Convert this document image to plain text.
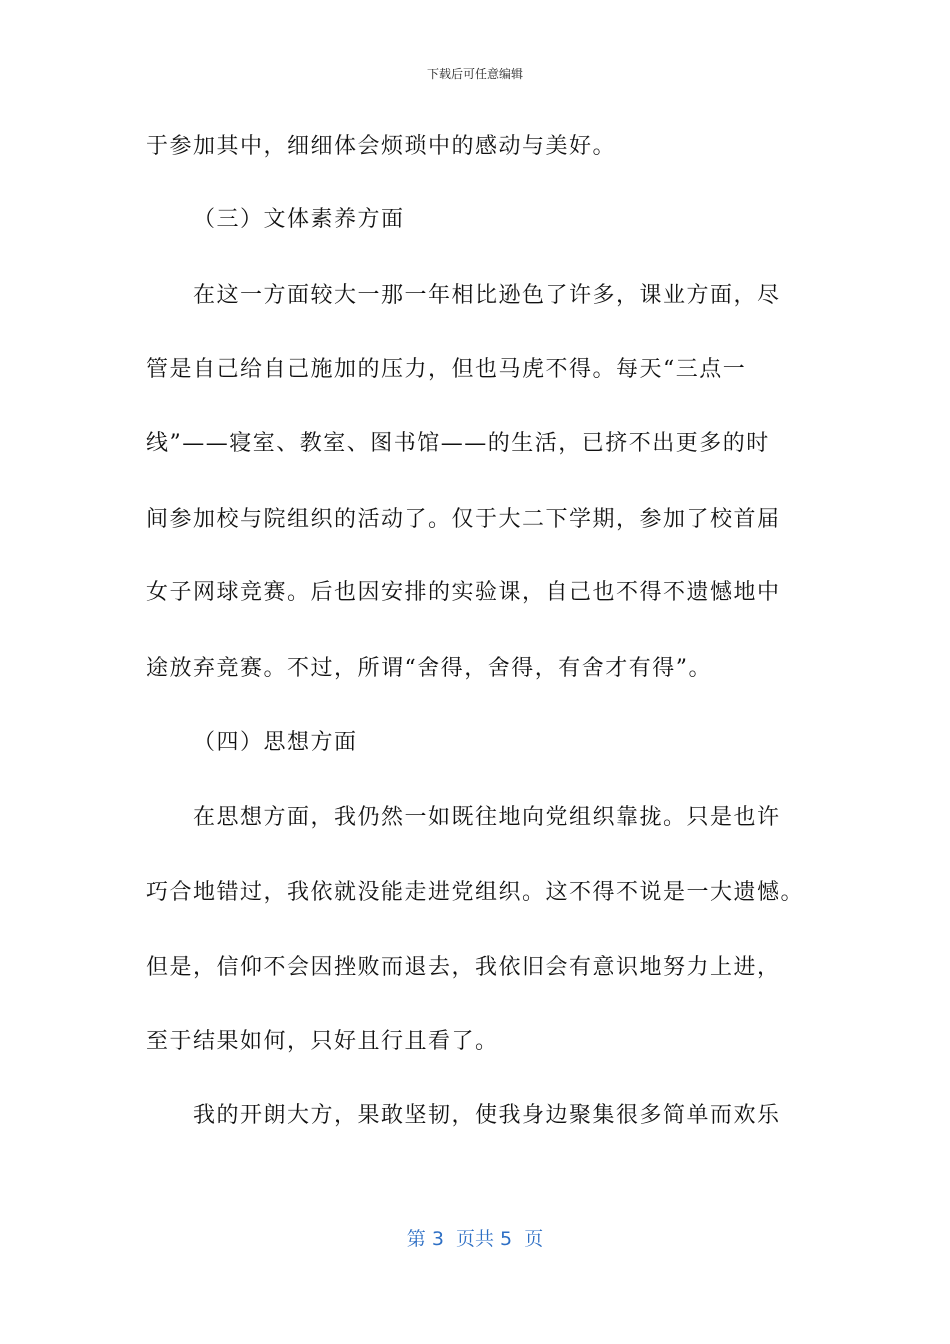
下载后可任意编辑
于参加其中，细细体会烦琐中的感动与美好。
（三）文体素养方面
在这一方面较大一那一年相比逊色了许多，课业方面，尽
管是自己给自己施加的压力，但也马虎不得。每天“三点一
线”——寝室、教室、图书馆——的生活，已挤不出更多的时
间参加校与院组织的活动了。仅于大二下学期，参加了校首届
女子网球竞赛。后也因安排的实验课，自己也不得不遗憾地中
途放弃竞赛。不过，所谓“舍得，舍得，有舍才有得”。
（四）思想方面
在思想方面，我仍然一如既往地向党组织靠拢。只是也许
巧合地错过，我依就没能走进党组织。这不得不说是一大遗憾。
但是，信仰不会因挫败而退去，我依旧会有意识地努力上进，
至于结果如何，只好且行且看了。
我的开朗大方，果敢坚韧，使我身边聚集很多简单而欢乐
第 3  页共 5  页
